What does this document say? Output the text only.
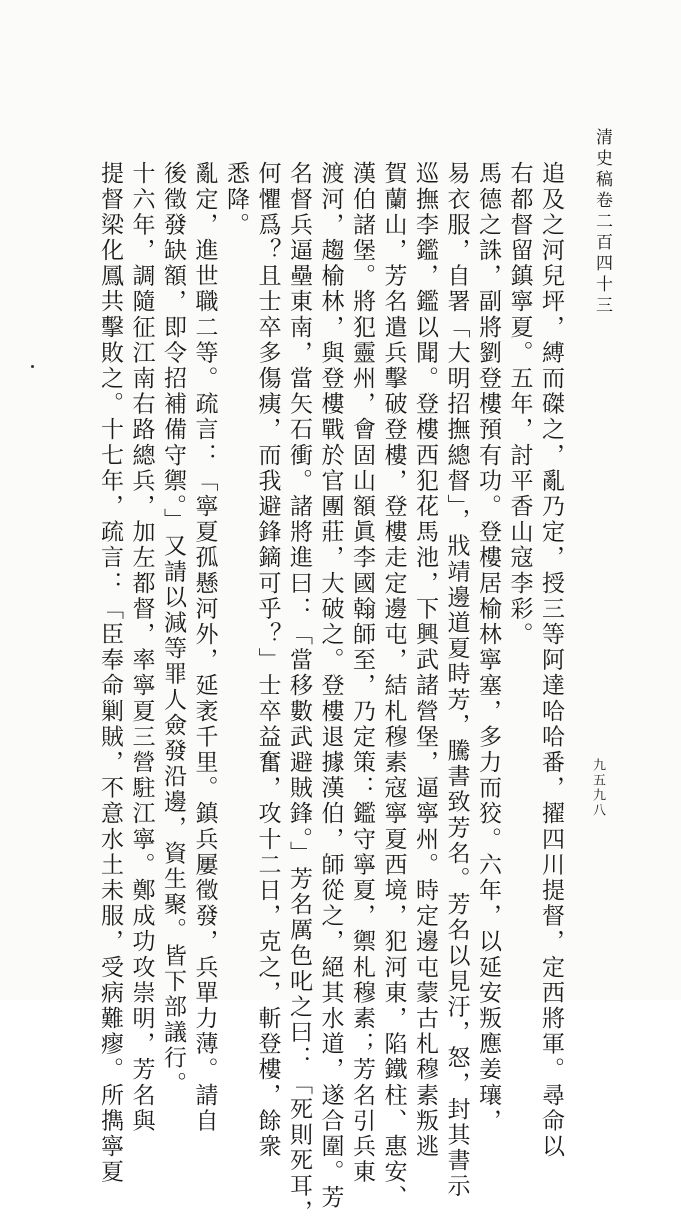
清史稿卷二百四十三
九五九八
追及之河兒坪，縛而磔之，亂乃定，授三等阿達哈哈番，擢四川提督，定西將軍。尋命以
右都督留鎮寧夏。五年，討平香山寇李彩。
馬德之誅，副將劉登樓預有功。登樓居榆林寧塞，多力而狡。六年，以延安叛應姜瓖，
易衣服，自署「大明招撫總督」，戕靖邊道夏時芳，騰書致芳名。芳名以見汙，怒，封其書示
巡撫李鑑，鑑以聞。登樓西犯花馬池，下興武諸營堡，逼寧州。時定邊屯蒙古札穆素叛逃
賀蘭山，芳名遣兵擊破登樓，登樓走定邊屯，結札穆素寇寧夏西境，犯河東，陷鐵柱、惠安、
漢伯諸堡。將犯靈州，會固山額眞李國翰師至，乃定策：鑑守寧夏，禦札穆素；芳名引兵東
渡河，趨榆林，與登樓戰於官團莊，大破之。登樓退據漢伯，師從之，絕其水道，遂合圍。芳
名督兵逼壘東南，當矢石衝。諸將進曰：「當移數武避賊鋒。」芳名厲色叱之曰：「死則死耳，
何懼爲？且士卒多傷痍，而我避鋒鏑可乎？」士卒益奮，攻十二日，克之，斬登樓，餘衆
悉降。
亂定，進世職二等。疏言：「寧夏孤懸河外，延袤千里。鎮兵屢徵發，兵單力薄。請自
後徵發缺額，即令招補備守禦。」又請以減等罪人僉發沿邊，資生聚。皆下部議行。
十六年，調隨征江南右路總兵，加左都督，率寧夏三營駐江寧。鄭成功攻崇明，芳名與
提督梁化鳳共擊敗之。十七年，疏言：「臣奉命剿賊，不意水土未服，受病難瘳。所擕寧夏
